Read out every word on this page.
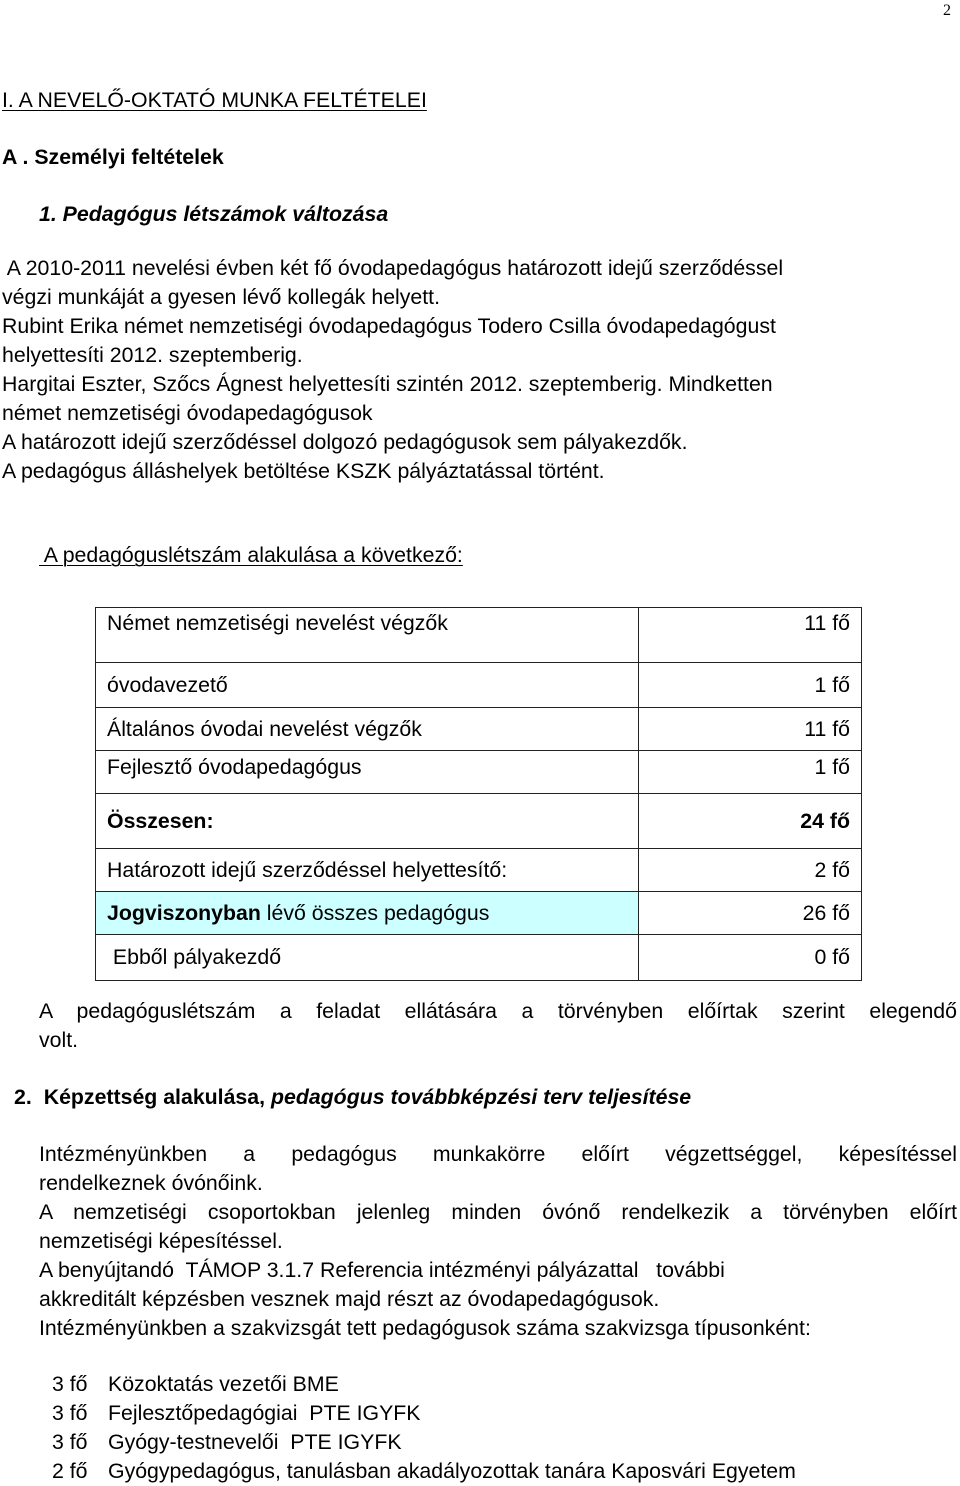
2
I. A NEVELŐ-OKTATÓ MUNKA FELTÉTELEI
A . Személyi feltételek
1. Pedagógus létszámok változása
A 2010-2011 nevelési évben két fő óvodapedagógus határozott idejű szerződéssel
végzi munkáját a gyesen lévő kollegák helyett.
Rubint Erika német nemzetiségi óvodapedagógus Todero Csilla óvodapedagógust
helyettesíti 2012. szeptemberig.
Hargitai Eszter, Szőcs Ágnest helyettesíti szintén 2012. szeptemberig. Mindketten
német nemzetiségi óvodapedagógusok
A határozott idejű szerződéssel dolgozó pedagógusok sem pályakezdők.
A pedagógus álláshelyek betöltése KSZK pályáztatással történt.
A pedagóguslétszám alakulása a következő:
Német nemzetiségi nevelést végzők	11 fő
óvodavezető	1 fő
Általános óvodai nevelést végzők	11 fő
Fejlesztő óvodapedagógus	1 fő
Összesen:	24 fő
Határozott idejű szerződéssel helyettesítő:	2 fő
Jogviszonyban lévő összes pedagógus	26 fő
Ebből pályakezdő	0 fő
A pedagóguslétszám a feladat ellátására a törvényben előírtak szerint elegendő
volt.
2. Képzettség alakulása, pedagógus továbbképzési terv teljesítése
Intézményünkben a pedagógus munkakörre előírt végzettséggel, képesítéssel
rendelkeznek óvónőink.
A nemzetiségi csoportokban jelenleg minden óvónő rendelkezik a törvényben előírt
nemzetiségi képesítéssel.
A benyújtandó  TÁMOP 3.1.7 Referencia intézményi pályázattal   további
akkreditált képzésben vesznek majd részt az óvodapedagógusok.
Intézményünkben a szakvizsgát tett pedagógusok száma szakvizsga típusonként:
3 fő Közoktatás vezetői BME
3 fő Fejlesztőpedagógiai  PTE IGYFK
3 fő Gyógy-testnevelői  PTE IGYFK
2 fő Gyógypedagógus, tanulásban akadályozottak tanára Kaposvári Egyetem
